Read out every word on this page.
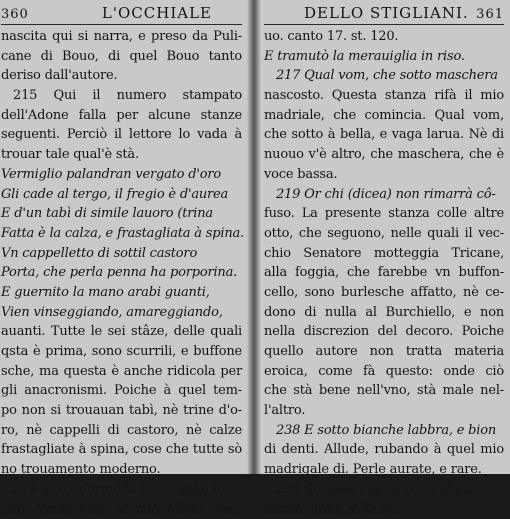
360	L'OCCHIALE
nascita qui si narra, e preso da Puli-
cane di Bouo, di quel Bouo tanto
deriso dall'autore.
215 Qui il numero stampato
dell'Adone falla per alcune stanze
seguenti. Perciò il lettore lo vada à
trouar tale qual'è stà.
Vermiglio palandran vergato d'oro
Gli cade al tergo, il fregio è d'aurea
E d'un tabì di simile lauoro (trina
Fatta è la calza, e frastagliata à spina.
Vn cappelletto di sottil castoro
Porta, che perla penna ha porporina.
E guernito la mano arabi guanti,
Vien vinseggiando, amareggiando,
auanti. Tutte le sei stâze, delle quali
qsta è prima, sono scurrili, e buffone
sche, ma questa è anche ridicola per
gli anacronismi. Poiche à quel tem-
po non si trouauan tabì, nè trine d'o-
ro, nè cappelli di castoro, nè calze
frastagliate à spina, cose che tutte sò
no trouamento moderno.
216 Si trasformò la merauiglia in
riso. Verso tolto al mio Môdo Nuo-
DELLO STIGLIANI. 361
uo. canto 17. st. 120.
E tramutò la merauiglia in riso.
217 Qual vom, che sotto maschera
nascosto. Questa stanza rifà il mio
madriale, che comincia. Qual vom,
che sotto à bella, e vaga larua. Nè di
nuouo v'è altro, che maschera, che è
voce bassa.
219 Or chi (dicea) non rimarrà cô-
fuso. La presente stanza colle altre
otto, che seguono, nelle quali il vec-
chio Senatore motteggia Tricane,
alla foggia, che farebbe vn buffon-
cello, sono burlesche affatto, nè ce-
dono di nulla al Burchiello, e non
nella discrezion del decoro. Poiche
quello autore non tratta materia
eroica, come fà questo: onde ciò
che stà bene nell'vno, stà male nel-
l'altro.
238 E sotto bianche labbra, e bion
di denti. Allude, rubando à quel mio
madrigale di. Perle aurate, e rare.
239 Stirasse auanti con enfiate
labbia. Tolto al Tasso.
